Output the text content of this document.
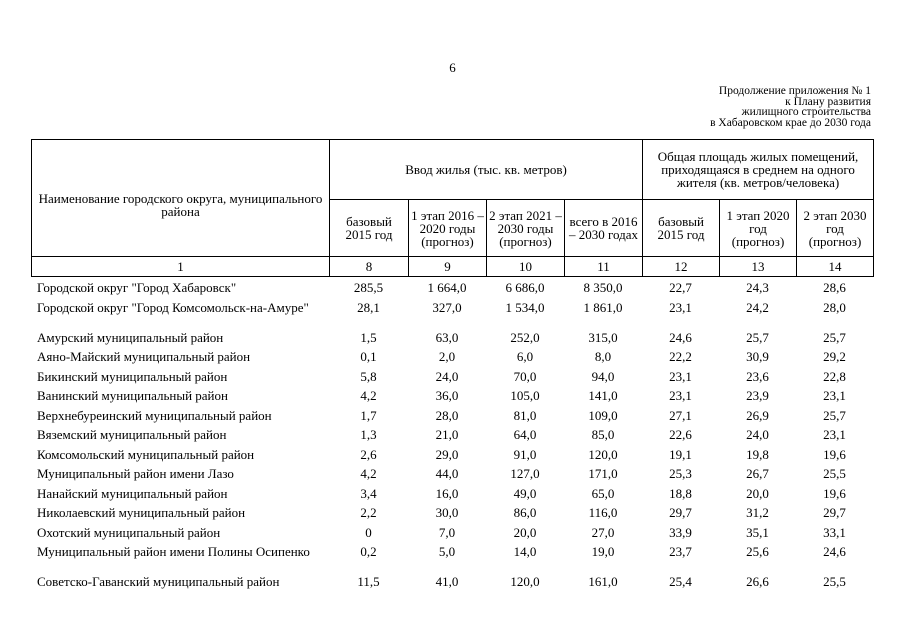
6
Продолжение приложения № 1
к Плану развития
жилищного строительства
в Хабаровском крае до 2030 года
Наименование городского округа, муниципального района	Ввод жилья (тыс. кв. метров)				Общая площадь жилых помещений, приходящаяся в среднем на одного жителя (кв. метров/человека)		
	базовый 2015 год	1 этап 2016 – 2020 годы (прогноз)	2 этап 2021 – 2030 годы (прогноз)	всего в 2016 – 2030 годах	базовый 2015 год	1 этап 2020 год (прогноз)	2 этап 2030 год (прогноз)
1	8	9	10	11	12	13	14
Городской округ "Город Хабаровск"	285,5	1 664,0	6 686,0	8 350,0	22,7	24,3	28,6
Городской округ "Город Комсомольск-на-Амуре"	28,1	327,0	1 534,0	1 861,0	23,1	24,2	28,0
Амурский муниципальный район	1,5	63,0	252,0	315,0	24,6	25,7	25,7
Аяно-Майский муниципальный район	0,1	2,0	6,0	8,0	22,2	30,9	29,2
Бикинский муниципальный район	5,8	24,0	70,0	94,0	23,1	23,6	22,8
Ванинский муниципальный район	4,2	36,0	105,0	141,0	23,1	23,9	23,1
Верхнебуреинский муниципальный район	1,7	28,0	81,0	109,0	27,1	26,9	25,7
Вяземский муниципальный район	1,3	21,0	64,0	85,0	22,6	24,0	23,1
Комсомольский муниципальный район	2,6	29,0	91,0	120,0	19,1	19,8	19,6
Муниципальный район имени Лазо	4,2	44,0	127,0	171,0	25,3	26,7	25,5
Нанайский муниципальный район	3,4	16,0	49,0	65,0	18,8	20,0	19,6
Николаевский муниципальный район	2,2	30,0	86,0	116,0	29,7	31,2	29,7
Охотский муниципальный район	0	7,0	20,0	27,0	33,9	35,1	33,1
Муниципальный район имени Полины Осипенко	0,2	5,0	14,0	19,0	23,7	25,6	24,6
Советско-Гаванский муниципальный район	11,5	41,0	120,0	161,0	25,4	26,6	25,5
